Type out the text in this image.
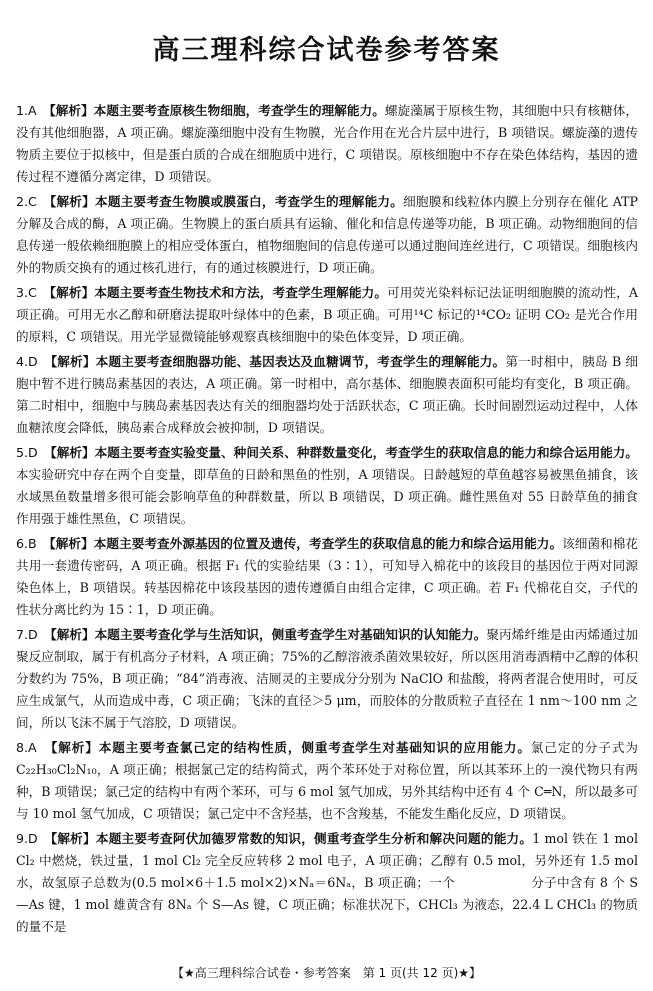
高三理科综合试卷参考答案
1.A　 【解析】本题主要考查原核生物细胞，考查学生的理解能力。螺旋藻属于原核生物，其细胞中只有核糖体，没有其他细胞器，A 项正确。螺旋藻细胞中没有生物膜，光合作用在光合片层中进行，B 项错误。螺旋藻的遗传物质主要位于拟核中，但是蛋白质的合成在细胞质中进行，C 项错误。原核细胞中不存在染色体结构，基因的遗传过程不遵循分离定律，D 项错误。
2.C　 【解析】本题主要考查生物膜或膜蛋白，考查学生的理解能力。细胞膜和线粒体内膜上分别存在催化 ATP 分解及合成的酶，A 项正确。生物膜上的蛋白质具有运输、催化和信息传递等功能，B 项正确。动物细胞间的信息传递一般依赖细胞膜上的相应受体蛋白，植物细胞间的信息传递可以通过胞间连丝进行，C 项错误。细胞核内外的物质交换有的通过核孔进行，有的通过核膜进行，D 项正确。
3.C　 【解析】本题主要考查生物技术和方法，考查学生理解能力。可用荧光染料标记法证明细胞膜的流动性，A 项正确。可用无水乙醇和研磨法提取叶绿体中的色素，B 项正确。可用¹⁴C 标记的¹⁴CO₂ 证明 CO₂ 是光合作用的原料，C 项错误。用光学显微镜能够观察真核细胞中的染色体变异，D 项正确。
4.D　 【解析】本题主要考查细胞器功能、基因表达及血糖调节，考查学生的理解能力。第一时相中，胰岛 B 细胞中暂不进行胰岛素基因的表达，A 项正确。第一时相中，高尔基体、细胞膜表面积可能均有变化，B 项正确。第二时相中，细胞中与胰岛素基因表达有关的细胞器均处于活跃状态，C 项正确。长时间剧烈运动过程中，人体血糖浓度会降低，胰岛素合成释放会被抑制，D 项错误。
5.D　 【解析】本题主要考查实验变量、种间关系、种群数量变化，考查学生的获取信息的能力和综合运用能力。本实验研究中存在两个自变量，即草鱼的日龄和黑鱼的性别，A 项错误。日龄越短的草鱼越容易被黑鱼捕食，该水域黑鱼数量增多很可能会影响草鱼的种群数量，所以 B 项错误，D 项正确。雌性黑鱼对 55 日龄草鱼的捕食作用强于雄性黑鱼，C 项错误。
6.B　 【解析】本题主要考查外源基因的位置及遗传，考查学生的获取信息的能力和综合运用能力。该细菌和棉花共用一套遗传密码，A 项正确。根据 F₁ 代的实验结果（3∶1），可知导入棉花中的该段目的基因位于两对同源染色体上，B 项错误。转基因棉花中该段基因的遗传遵循自由组合定律，C 项正确。若 F₁ 代棉花自交，子代的性状分离比约为 15∶1，D 项正确。
7.D　 【解析】本题主要考查化学与生活知识，侧重考查学生对基础知识的认知能力。聚丙烯纤维是由丙烯通过加聚反应制取，属于有机高分子材料，A 项正确；75%的乙醇溶液杀菌效果较好，所以医用消毒酒精中乙醇的体积分数约为 75%，B 项正确；“84”消毒液、洁厕灵的主要成分分别为 NaClO 和盐酸，将两者混合使用时，可反应生成氯气，从而造成中毒，C 项正确；飞沫的直径＞5 μm，而胶体的分散质粒子直径在 1 nm～100 nm 之间，所以飞沫不属于气溶胶，D 项错误。
8.A　 【解析】本题主要考查氯己定的结构性质，侧重考查学生对基础知识的应用能力。氯己定的分子式为 C₂₂H₃₀Cl₂N₁₀，A 项正确；根据氯己定的结构简式，两个苯环处于对称位置，所以其苯环上的一溴代物只有两种，B 项错误；氯己定的结构中有两个苯环，可与 6 mol 氢气加成，另外其结构中还有 4 个 C═N，所以最多可与 10 mol 氢气加成，C 项错误；氯己定中不含羟基，也不含羧基，不能发生酯化反应，D 项错误。
9.D　 【解析】本题主要考查阿伏加德罗常数的知识，侧重考查学生分析和解决问题的能力。1 mol 铁在 1 mol Cl₂ 中燃烧，铁过量，1 mol Cl₂ 完全反应转移 2 mol 电子，A 项正确；乙醇有 0.5 mol，另外还有 1.5 mol 水，故氢原子总数为(0.5 mol×6＋1.5 mol×2)×Nₐ＝6Nₐ，B 项正确；一个	分子中含有 8 个 S—As 键，1 mol 雄黄含有 8Nₐ 个 S—As 键，C 项正确；标准状况下，CHCl₃ 为液态，22.4 L CHCl₃ 的物质的量不是
【★高三理科综合试卷・参考答案　第 1 页(共 12 页)★】
